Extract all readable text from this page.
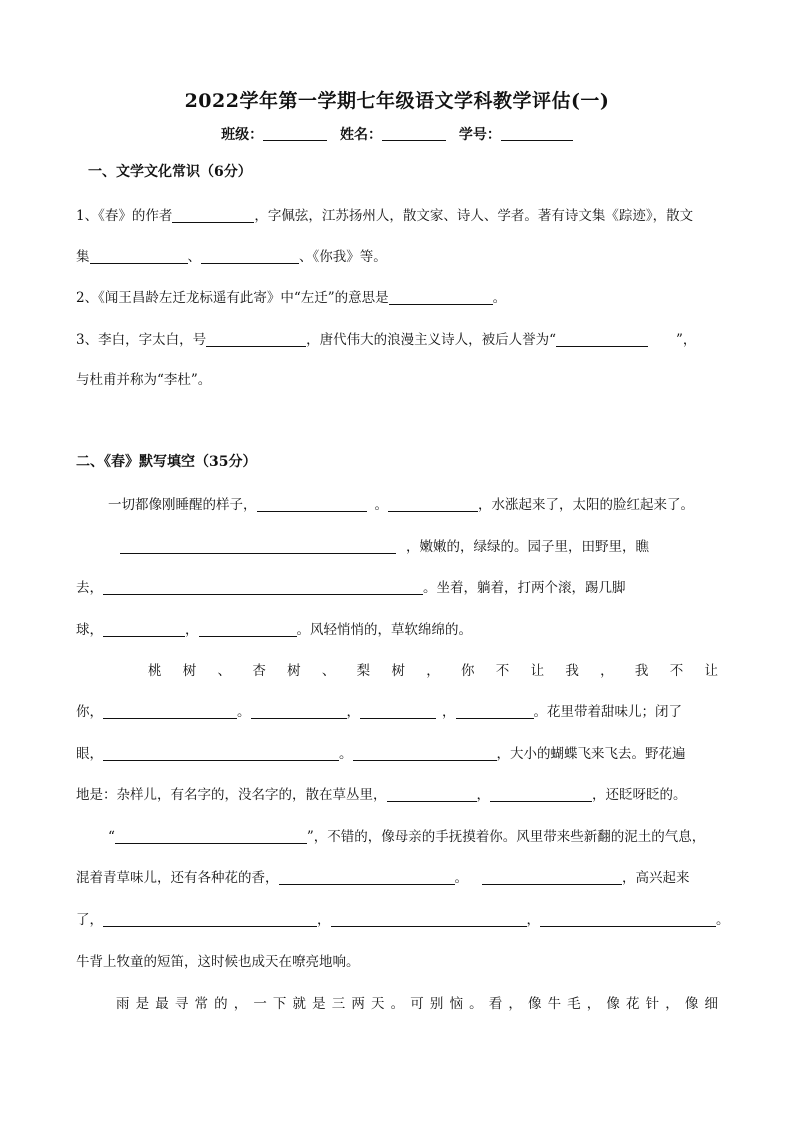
2022学年第一学期七年级语文学科教学评估(一)
班级：	姓名：	学号：
一、文学文化常识（6分）
1、《春》的作者	，字佩弦，江苏扬州人，散文家、诗人、学者。著有诗文集《踪迹》，散文
集	、	、《你我》等。
2、《闻王昌龄左迁龙标遥有此寄》中“左迁”的意思是	。
3、李白，字太白，号	，唐代伟大的浪漫主义诗人，被后人誉为“	”，
与杜甫并称为“李杜”。
二、《春》默写填空（35分）
一切都像刚睡醒的样子，	。	，水涨起来了，太阳的脸红起来了。
，嫩嫩的，绿绿的。园子里，田野里，瞧
去，	。坐着，躺着，打两个滚，踢几脚
球，	，	。风轻悄悄的，草软绵绵的。
桃树、杏树、梨树，你不让我，我不让
你，	。	，	，	。花里带着甜味儿；闭了
眼，	。	，大小的蝴蝶飞来飞去。野花遍
地是：杂样儿，有名字的，没名字的，散在草丛里，	，	，还眨呀眨的。
“	”，不错的，像母亲的手抚摸着你。风里带来些新翻的泥土的气息，
混着青草味儿，还有各种花的香，	。	，高兴起来
了，	，	，	。
牛背上牧童的短笛，这时候也成天在嘹亮地响。
雨是最寻常的，一下就是三两天。可别恼。看，像牛毛，像花针，像细
